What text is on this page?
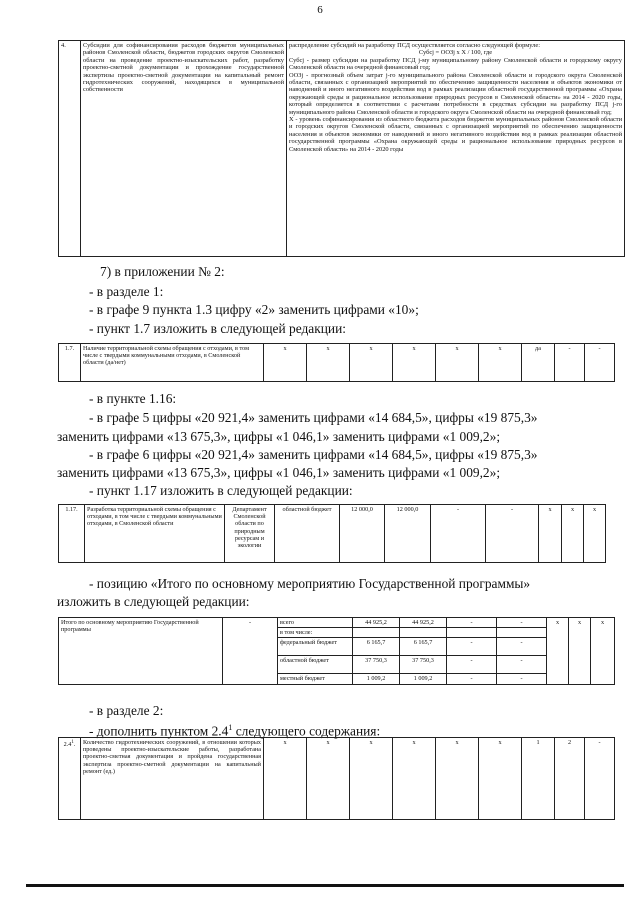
6
4.	Субсидии для софинансирования расходов бюджетов муниципальных районов Смоленской области, бюджетов городских округов Смоленской области на проведение проектно-изыскательских работ, разработку проектно-сметной документации и прохождение государственной экспертизы проектно-сметной документации на капитальный ремонт гидротехнических сооружений, находящихся в муниципальной собственности	
распределение субсидий на разработку ПСД осуществляется согласно следующей формуле:
Субсj = ООЗj x X / 100, где
Субсj - размер субсидии на разработку ПСД j-му муниципальному району Смоленской области и городскому округу Смоленской области на очередной финансовый год;
ООЗj - прогнозный объем затрат j-го муниципального района Смоленской области и городского округа Смоленской области, связанных с организацией мероприятий по обеспечению защищенности населения и объектов экономики от наводнений и иного негативного воздействия вод в рамках реализации областной государственной программы «Охрана окружающей среды и рациональное использование природных ресурсов в Смоленской области» на 2014 - 2020 годы, который определяется в соответствии с расчетами потребности в средствах субсидии на разработку ПСД j-го муниципального района Смоленской области и городского округа Смоленской области на очередной финансовый год;
X - уровень софинансирования из областного бюджета расходов бюджетов муниципальных районов Смоленской области и городских округов Смоленской области, связанных с организацией мероприятий по обеспечению защищенности населения и объектов экономики от наводнений и иного негативного воздействия вод в рамках реализации областной государственной программы «Охрана окружающей среды и рациональное использование природных ресурсов в Смоленской области» на 2014 - 2020 годы
7) в приложении № 2:
- в разделе 1:
- в графе 9 пункта 1.3 цифру «2» заменить цифрами «10»;
- пункт 1.7 изложить в следующей редакции:
1.7.	Наличие территориальной схемы обращения с отходами, в том числе с твердыми коммунальными отходами, в Смоленской области (да/нет)	х	х	х	х	х	х	да	-	-
- в пункте 1.16:
- в графе 5 цифры «20 921,4» заменить цифрами «14 684,5», цифры «19 875,3»
заменить цифрами «13 675,3», цифры «1 046,1» заменить цифрами «1 009,2»;
- в графе 6 цифры «20 921,4» заменить цифрами «14 684,5», цифры «19 875,3»
заменить цифрами «13 675,3», цифры «1 046,1» заменить цифрами «1 009,2»;
- пункт 1.17 изложить в следующей редакции:
1.17.	Разработка территориальной схемы обращения с отходами, в том числе с твердыми коммунальными отходами, в Смоленской области	Департамент Смоленской области по природным ресурсам и экологии	областной бюджет	12 000,0	12 000,0	-	-	х	х	х
- позицию «Итого по основному мероприятию Государственной программы»
изложить в следующей редакции:
Итого по основному мероприятию Государственной программы	-	всего	44 925,2	44 925,2	-	-	х	х	х
		в том числе:							
		федеральный бюджет	6 165,7	6 165,7	-	-			
		областной бюджет	37 750,3	37 750,3	-	-			
		местный бюджет	1 009,2	1 009,2	-	-			
- в разделе 2:
- дополнить пунктом $2.4^1$ следующего содержания:
$2.4^1$.	Количество гидротехнических сооружений, в отношении которых проведены проектно-изыскательские работы, разработана проектно-сметная документация и пройдена государственная экспертиза проектно-сметной документации на капитальный ремонт (ед.)	х	х	х	х	х	х	1	2	-
